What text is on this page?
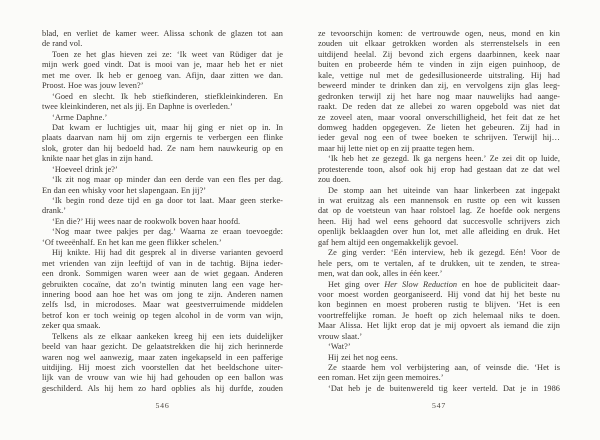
blad, en verliet de kamer weer. Alissa schonk de glazen tot aan
de rand vol.
Toen ze het glas hieven zei ze: ‘Ik weet van Rüdiger dat je
mijn werk goed vindt. Dat is mooi van je, maar heb het er niet
met me over. Ik heb er genoeg van. Afijn, daar zitten we dan.
Proost. Hoe was jouw leven?’
‘Goed en slecht. Ik heb stiefkinderen, stiefkleinkinderen. En
twee kleinkinderen, net als jij. En Daphne is overleden.’
‘Arme Daphne.’
Dat kwam er luchtigjes uit, maar hij ging er niet op in. In
plaats daarvan nam hij om zijn ergernis te verbergen een flinke
slok, groter dan hij bedoeld had. Ze nam hem nauwkeurig op en
knikte naar het glas in zijn hand.
‘Hoeveel drink je?’
‘Ik zit nog maar op minder dan een derde van een fles per dag.
En dan een whisky voor het slapengaan. En jij?’
‘Ik begin rond deze tijd en ga door tot laat. Maar geen sterke-
drank.’
‘En die?’ Hij wees naar de rookwolk boven haar hoofd.
‘Nog maar twee pakjes per dag.’ Waarna ze eraan toevoegde:
‘Of tweeënhalf. En het kan me geen flikker schelen.’
Hij knikte. Hij had dit gesprek al in diverse varianten gevoerd
met vrienden van zijn leeftijd of van in de tachtig. Bijna ieder-
een dronk. Sommigen waren weer aan de wiet gegaan. Anderen
gebruikten cocaïne, dat zo’n twintig minuten lang een vage her-
innering bood aan hoe het was om jong te zijn. Anderen namen
zelfs lsd, in microdoses. Maar wat geestverruimende middelen
betrof kon er toch weinig op tegen alcohol in de vorm van wijn,
zeker qua smaak.
Telkens als ze elkaar aankeken kreeg hij een iets duidelijker
beeld van haar gezicht. De gelaatstrekken die hij zich herinnerde
waren nog wel aanwezig, maar zaten ingekapseld in een pafferige
uitdijing. Hij moest zich voorstellen dat het beeldschone uiter-
lijk van de vrouw van wie hij had gehouden op een ballon was
geschilderd. Als hij hem zo hard opblies als hij durfde, zouden
546
ze tevoorschijn komen: de vertrouwde ogen, neus, mond en kin
zouden uit elkaar getrokken worden als sterrenstelsels in een
uitdijend heelal. Zij bevond zich ergens daarbinnen, keek naar
buiten en probeerde hém te vinden in zijn eigen puinhoop, de
kale, vettige nul met de gedesillusioneerde uitstraling. Hij had
beweerd minder te drinken dan zij, en vervolgens zijn glas leeg-
gedronken terwijl zij het hare nog maar nauwelijks had aange-
raakt. De reden dat ze allebei zo waren opgebold was niet dat
ze zoveel aten, maar vooral onverschilligheid, het feit dat ze het
domweg hadden opgegeven. Ze lieten het gebeuren. Zij had in
ieder geval nog een of twee boeken te schrijven. Terwijl hij…
maar hij lette niet op en zij praatte tegen hem.
‘Ik heb het ze gezegd. Ik ga nergens heen.’ Ze zei dit op luide,
protesterende toon, alsof ook hij erop had gestaan dat ze dat wel
zou doen.
De stomp aan het uiteinde van haar linkerbeen zat ingepakt
in wat eruitzag als een mannensok en rustte op een wit kussen
dat op de voetsteun van haar rolstoel lag. Ze hoefde ook nergens
heen. Hij had wel eens gehoord dat succesvolle schrijvers zich
openlijk beklaagden over hun lot, met alle afleiding en druk. Het
gaf hem altijd een ongemakkelijk gevoel.
Ze ging verder: ‘Eén interview, heb ik gezegd. Eén! Voor de
hele pers, om te vertalen, af te drukken, uit te zenden, te strea-
men, wat dan ook, alles in één keer.’
Het ging over Her Slow Reduction en hoe de publiciteit daar-
voor moest worden georganiseerd. Hij vond dat hij het beste nu
kon beginnen en moest proberen rustig te blijven. ‘Het is een
voortreffelijke roman. Je hoeft op zich helemaal niks te doen.
Maar Alissa. Het lijkt erop dat je mij opvoert als iemand die zijn
vrouw slaat.’
‘Wat?’
Hij zei het nog eens.
Ze staarde hem vol verbijstering aan, of veinsde die. ‘Het is
een roman. Het zijn geen memoires.’
‘Dat heb je de buitenwereld tig keer verteld. Dat je in 1986
547
